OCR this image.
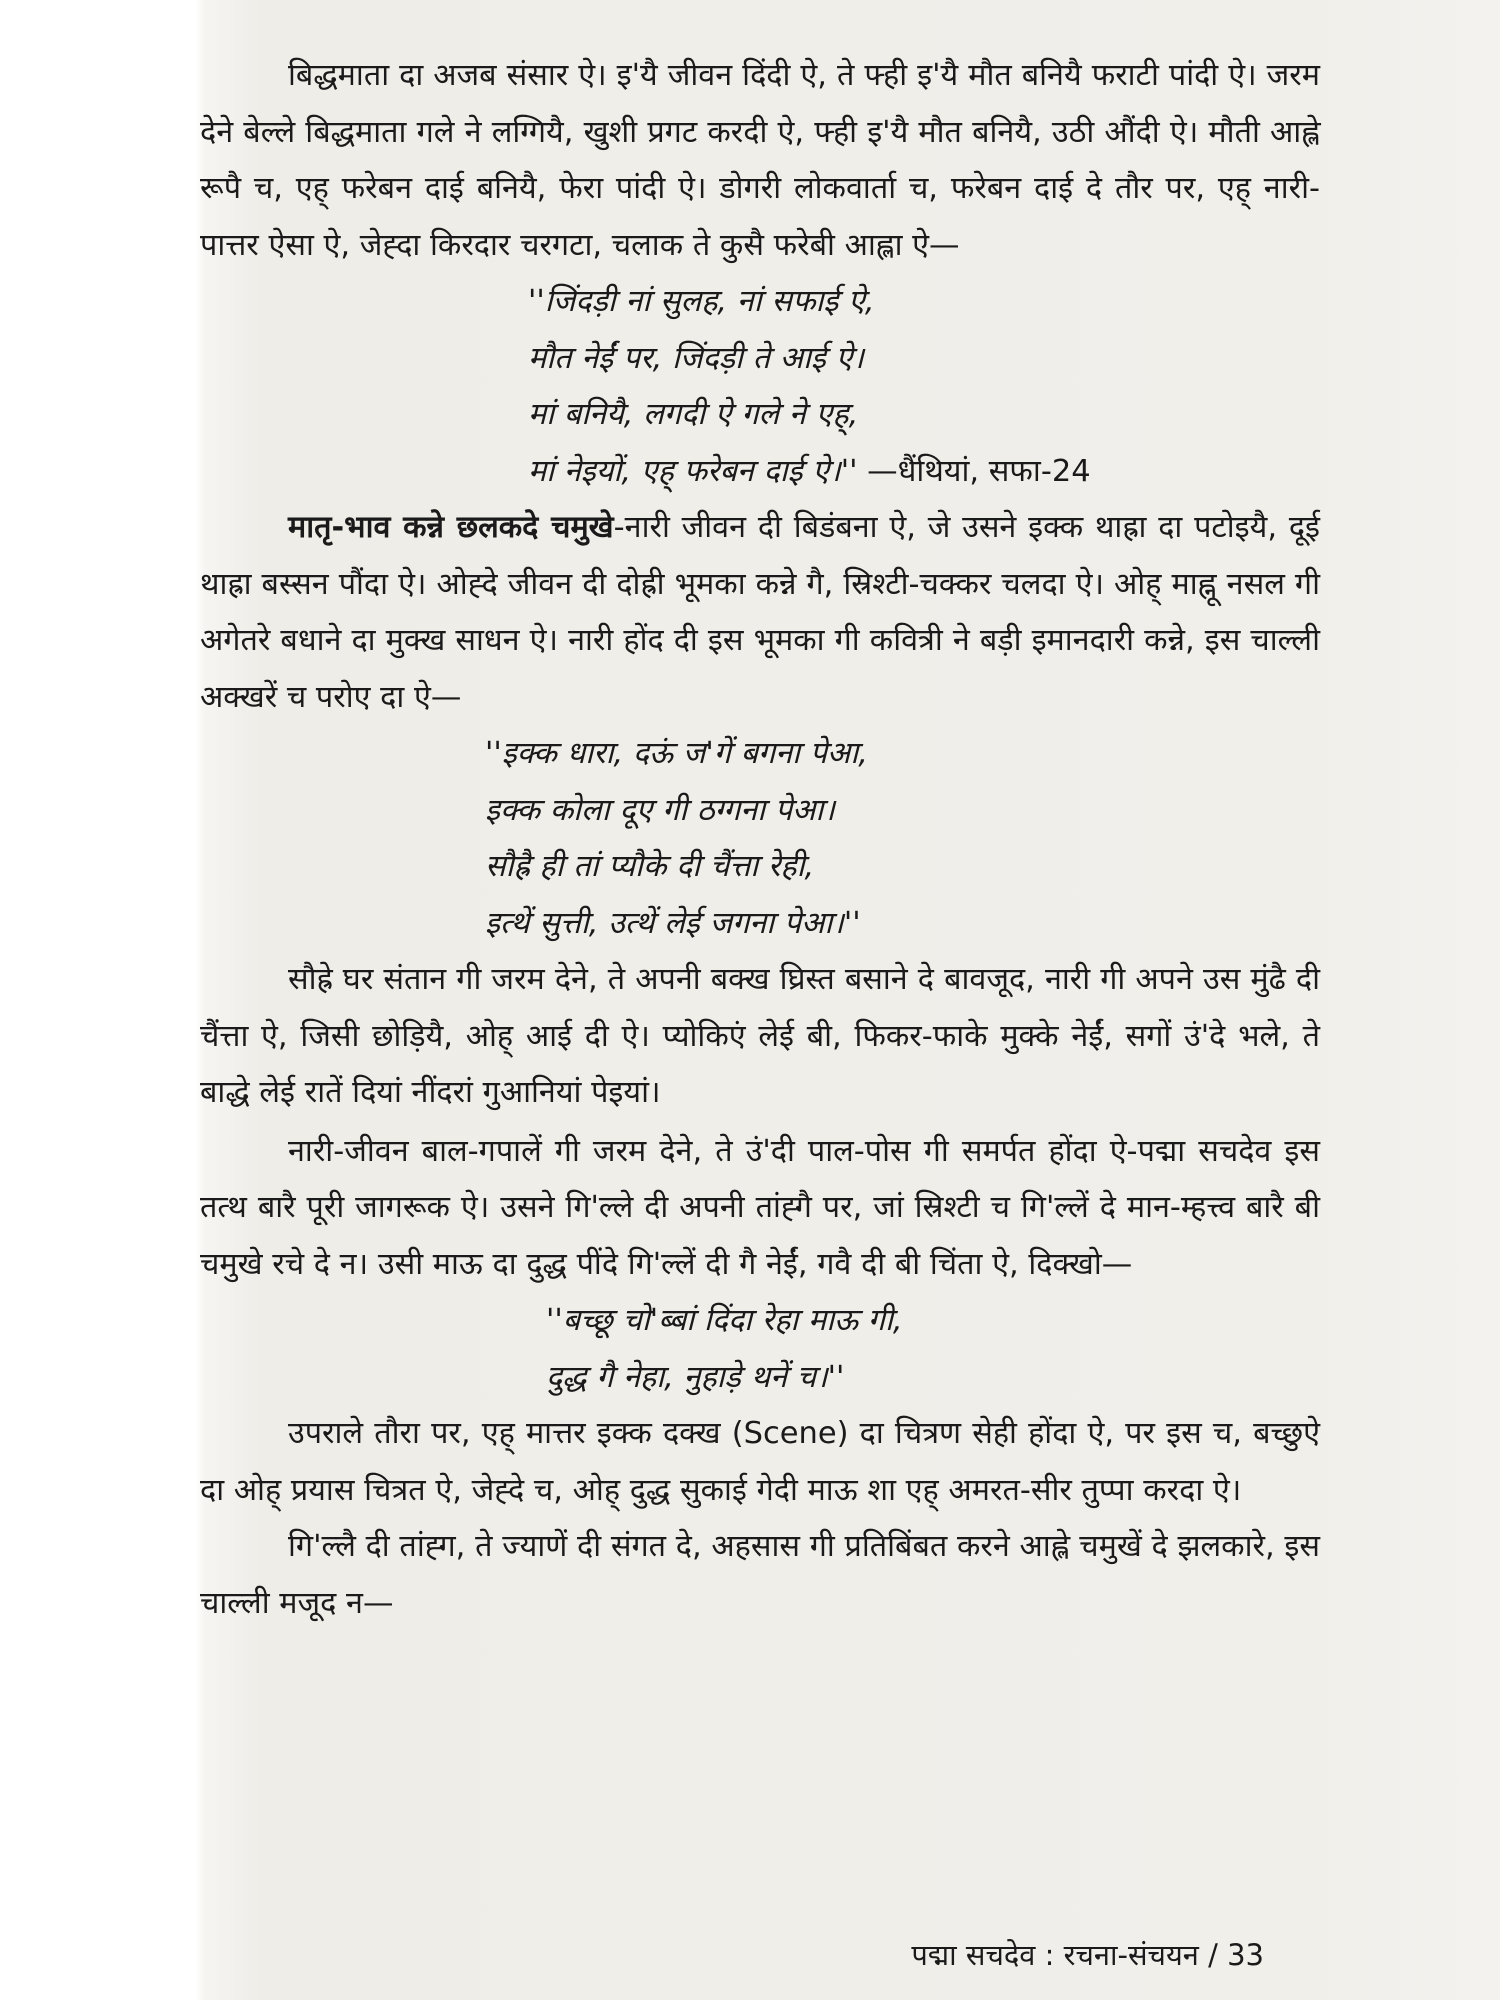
बिद्धमाता दा अजब संसार ऐ। इ'यै जीवन दिंदी ऐ, ते फ्ही इ'यै मौत बनियै फराटी पांदी ऐ। जरम देने बेल्ले बिद्धमाता गले ने लग्गियै, खुशी प्रगट करदी ऐ, फ्ही इ'यै मौत बनियै, उठी औंदी ऐ। मौती आह्ले रूपै च, एह् फरेबन दाई बनियै, फेरा पांदी ऐ। डोगरी लोकवार्ता च, फरेबन दाई दे तौर पर, एह् नारी-पात्तर ऐसा ऐ, जेह्दा किरदार चरगटा, चलाक ते कुसै फरेबी आह्ला ऐ—

''जिंदड़ी नां सुलह, नां सफाई ऐ,
मौत नेईं पर, जिंदड़ी ते आई ऐ।
मां बनियै, लगदी ऐ गले ने एह्,
मां नेइयों, एह् फरेबन दाई ऐ।'' —धैंथियां, सफा-24

मातृ-भाव कन्ने छलकदे चमुखे-नारी जीवन दी बिडंबना ऐ, जे उसने इक्क थाह्रा दा पटोइयै, दूई थाह्रा बस्सन पौंदा ऐ। ओह्दे जीवन दी दोह्री भूमका कन्ने गै, स्रिश्टी-चक्कर चलदा ऐ। ओह् माह्नू नसल गी अगेतरे बधाने दा मुक्ख साधन ऐ। नारी होंद दी इस भूमका गी कवित्री ने बड़ी इमानदारी कन्ने, इस चाल्ली अक्खरें च परोए दा ऐ—

''इक्क धारा, दऊं ज'गें बगना पेआ,
इक्क कोला दूए गी ठग्गना पेआ।
सौह्रै ही तां प्यौके दी चैंत्ता रेही,
इत्थें सुत्ती, उत्थें लेई जगना पेआ।''

सौह्रे घर संतान गी जरम देने, ते अपनी बक्ख घ्रिस्त बसाने दे बावजूद, नारी गी अपने उस मुंढै दी चैंत्ता ऐ, जिसी छोड़ियै, ओह् आई दी ऐ। प्योकिएं लेई बी, फिकर-फाके मुक्के नेईं, सगों उं'दे भले, ते बाद्धे लेई रातें दियां नींदरां गुआनियां पेइयां।

नारी-जीवन बाल-गपालें गी जरम देने, ते उं'दी पाल-पोस गी समर्पत होंदा ऐ-पद्मा सचदेव इस तत्थ बारै पूरी जागरूक ऐ। उसने गि'ल्ले दी अपनी तांह्गै पर, जां स्रिश्टी च गि'ल्लें दे मान-म्हत्त्व बारै बी चमुखे रचे दे न। उसी माऊ दा दुद्ध पींदे गि'ल्लें दी गै नेईं, गवै दी बी चिंता ऐ, दिक्खो—

''बच्छू चो'ब्बां दिंदा रेहा माऊ गी,
दुद्ध गै नेहा, नुहाड़े थनें च।''

उपराले तौरा पर, एह् मात्तर इक्क दक्ख (Scene) दा चित्रण सेही होंदा ऐ, पर इस च, बच्छुऐ दा ओह् प्रयास चित्रत ऐ, जेह्दे च, ओह् दुद्ध सुकाई गेदी माऊ शा एह् अमरत-सीर तुप्पा करदा ऐ।

गि'ल्लै दी तांह्ग, ते ज्याणें दी संगत दे, अहसास गी प्रतिबिंबत करने आह्ले चमुखें दे झलकारे, इस चाल्ली मजूद न—

पद्मा सचदेव : रचना-संचयन / 33
